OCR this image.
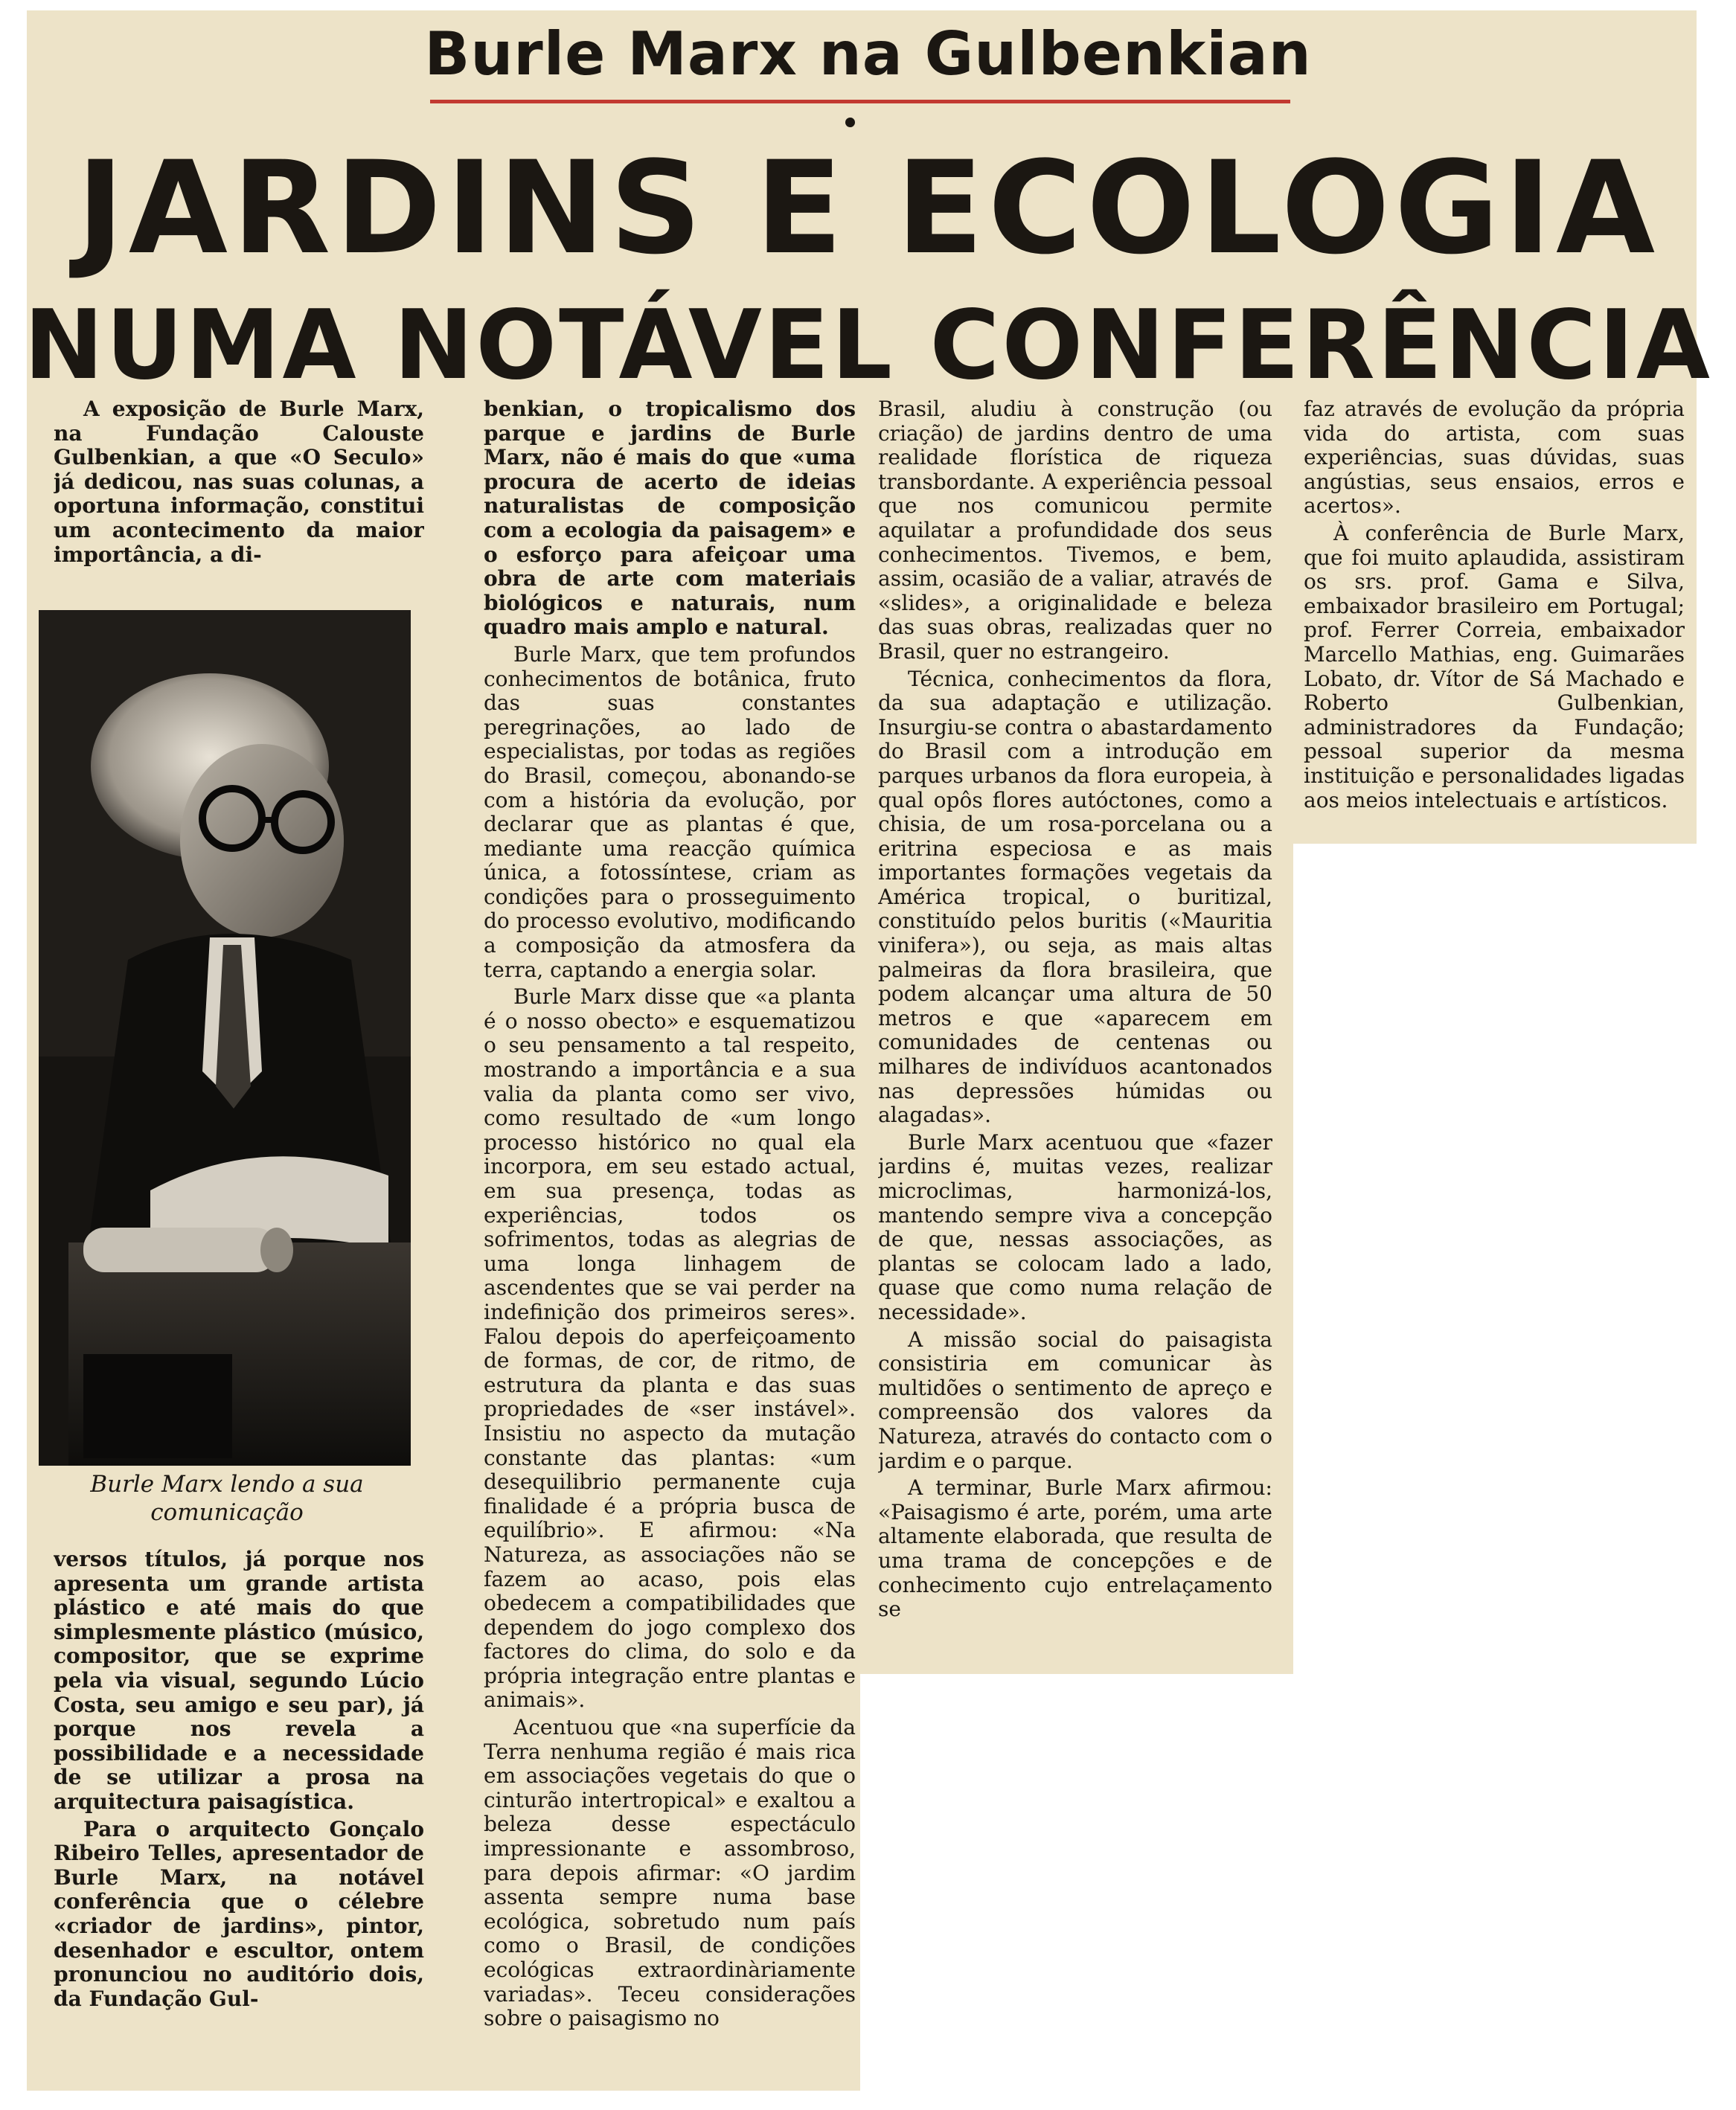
Burle Marx na Gulbenkian
JARDINS E ECOLOGIA
NUMA NOTÁVEL CONFERÊNCIA

A exposição de Burle Marx, na Fundação Calouste Gulbenkian, a que «O Seculo» já dedicou, nas suas colunas, a oportuna informação, constitui um acontecimento da maior importância, a di-

Burle Marx lendo a sua
comunicação

versos títulos, já porque nos apresenta um grande artista plástico e até mais do que simplesmente plástico (músico, compositor, que se exprime pela via visual, segundo Lúcio Costa, seu amigo e seu par), já porque nos revela a possibilidade e a necessidade de se utilizar a prosa na arquitectura paisagística.

Para o arquitecto Gonçalo Ribeiro Telles, apresentador de Burle Marx, na notável conferência que o célebre «criador de jardins», pintor, desenhador e escultor, ontem pronunciou no auditório dois, da Fundação Gul-

benkian, o tropicalismo dos parque e jardins de Burle Marx, não é mais do que «uma procura de acerto de ideias naturalistas de composição com a ecologia da paisagem» e o esforço para afeiçoar uma obra de arte com materiais biológicos e naturais, num quadro mais amplo e natural.

Burle Marx, que tem profundos conhecimentos de botânica, fruto das suas constantes peregrinações, ao lado de especialistas, por todas as regiões do Brasil, começou, abonando-se com a história da evolução, por declarar que as plantas é que, mediante uma reacção química única, a fotossíntese, criam as condições para o prosseguimento do processo evolutivo, modificando a composição da atmosfera da terra, captando a energia solar.

Burle Marx disse que «a planta é o nosso obecto» e esquematizou o seu pensamento a tal respeito, mostrando a importância e a sua valia da planta como ser vivo, como resultado de «um longo processo histórico no qual ela incorpora, em seu estado actual, em sua presença, todas as experiências, todos os sofrimentos, todas as alegrias de uma longa linhagem de ascendentes que se vai perder na indefinição dos primeiros seres». Falou depois do aperfeiçoamento de formas, de cor, de ritmo, de estrutura da planta e das suas propriedades de «ser instável». Insistiu no aspecto da mutação constante das plantas: «um desequilibrio permanente cuja finalidade é a própria busca de equilíbrio». E afirmou: «Na Natureza, as associações não se fazem ao acaso, pois elas obedecem a compatibilidades que dependem do jogo complexo dos factores do clima, do solo e da própria integração entre plantas e animais».

Acentuou que «na superfície da Terra nenhuma região é mais rica em associações vegetais do que o cinturão intertropical» e exaltou a beleza desse espectáculo impressionante e assombroso, para depois afirmar: «O jardim assenta sempre numa base ecológica, sobretudo num país como o Brasil, de condições ecológicas extraordinàriamente variadas». Teceu considerações sobre o paisagismo no

Brasil, aludiu à construção (ou criação) de jardins dentro de uma realidade florística de riqueza transbordante. A experiência pessoal que nos comunicou permite aquilatar a profundidade dos seus conhecimentos. Tivemos, e bem, assim, ocasião de a valiar, através de «slides», a originalidade e beleza das suas obras, realizadas quer no Brasil, quer no estrangeiro.

Técnica, conhecimentos da flora, da sua adaptação e utilização. Insurgiu-se contra o abastardamento do Brasil com a introdução em parques urbanos da flora europeia, à qual opôs flores autóctones, como a chisia, de um rosa-porcelana ou a eritrina especiosa e as mais importantes formações vegetais da América tropical, o buritizal, constituído pelos buritis («Mauritia vinifera»), ou seja, as mais altas palmeiras da flora brasileira, que podem alcançar uma altura de 50 metros e que «aparecem em comunidades de centenas ou milhares de indivíduos acantonados nas depressões húmidas ou alagadas».

Burle Marx acentuou que «fazer jardins é, muitas vezes, realizar microclimas, harmonizá-los, mantendo sempre viva a concepção de que, nessas associações, as plantas se colocam lado a lado, quase que como numa relação de necessidade».

A missão social do paisagista consistiria em comunicar às multidões o sentimento de apreço e compreensão dos valores da Natureza, através do contacto com o jardim e o parque.

A terminar, Burle Marx afirmou: «Paisagismo é arte, porém, uma arte altamente elaborada, que resulta de uma trama de concepções e de conhecimento cujo entrelaçamento se

faz através de evolução da própria vida do artista, com suas experiências, suas dúvidas, suas angústias, seus ensaios, erros e acertos».

À conferência de Burle Marx, que foi muito aplaudida, assistiram os srs. prof. Gama e Silva, embaixador brasileiro em Portugal; prof. Ferrer Correia, embaixador Marcello Mathias, eng. Guimarães Lobato, dr. Vítor de Sá Machado e Roberto Gulbenkian, administradores da Fundação; pessoal superior da mesma instituição e personalidades ligadas aos meios intelectuais e artísticos.
